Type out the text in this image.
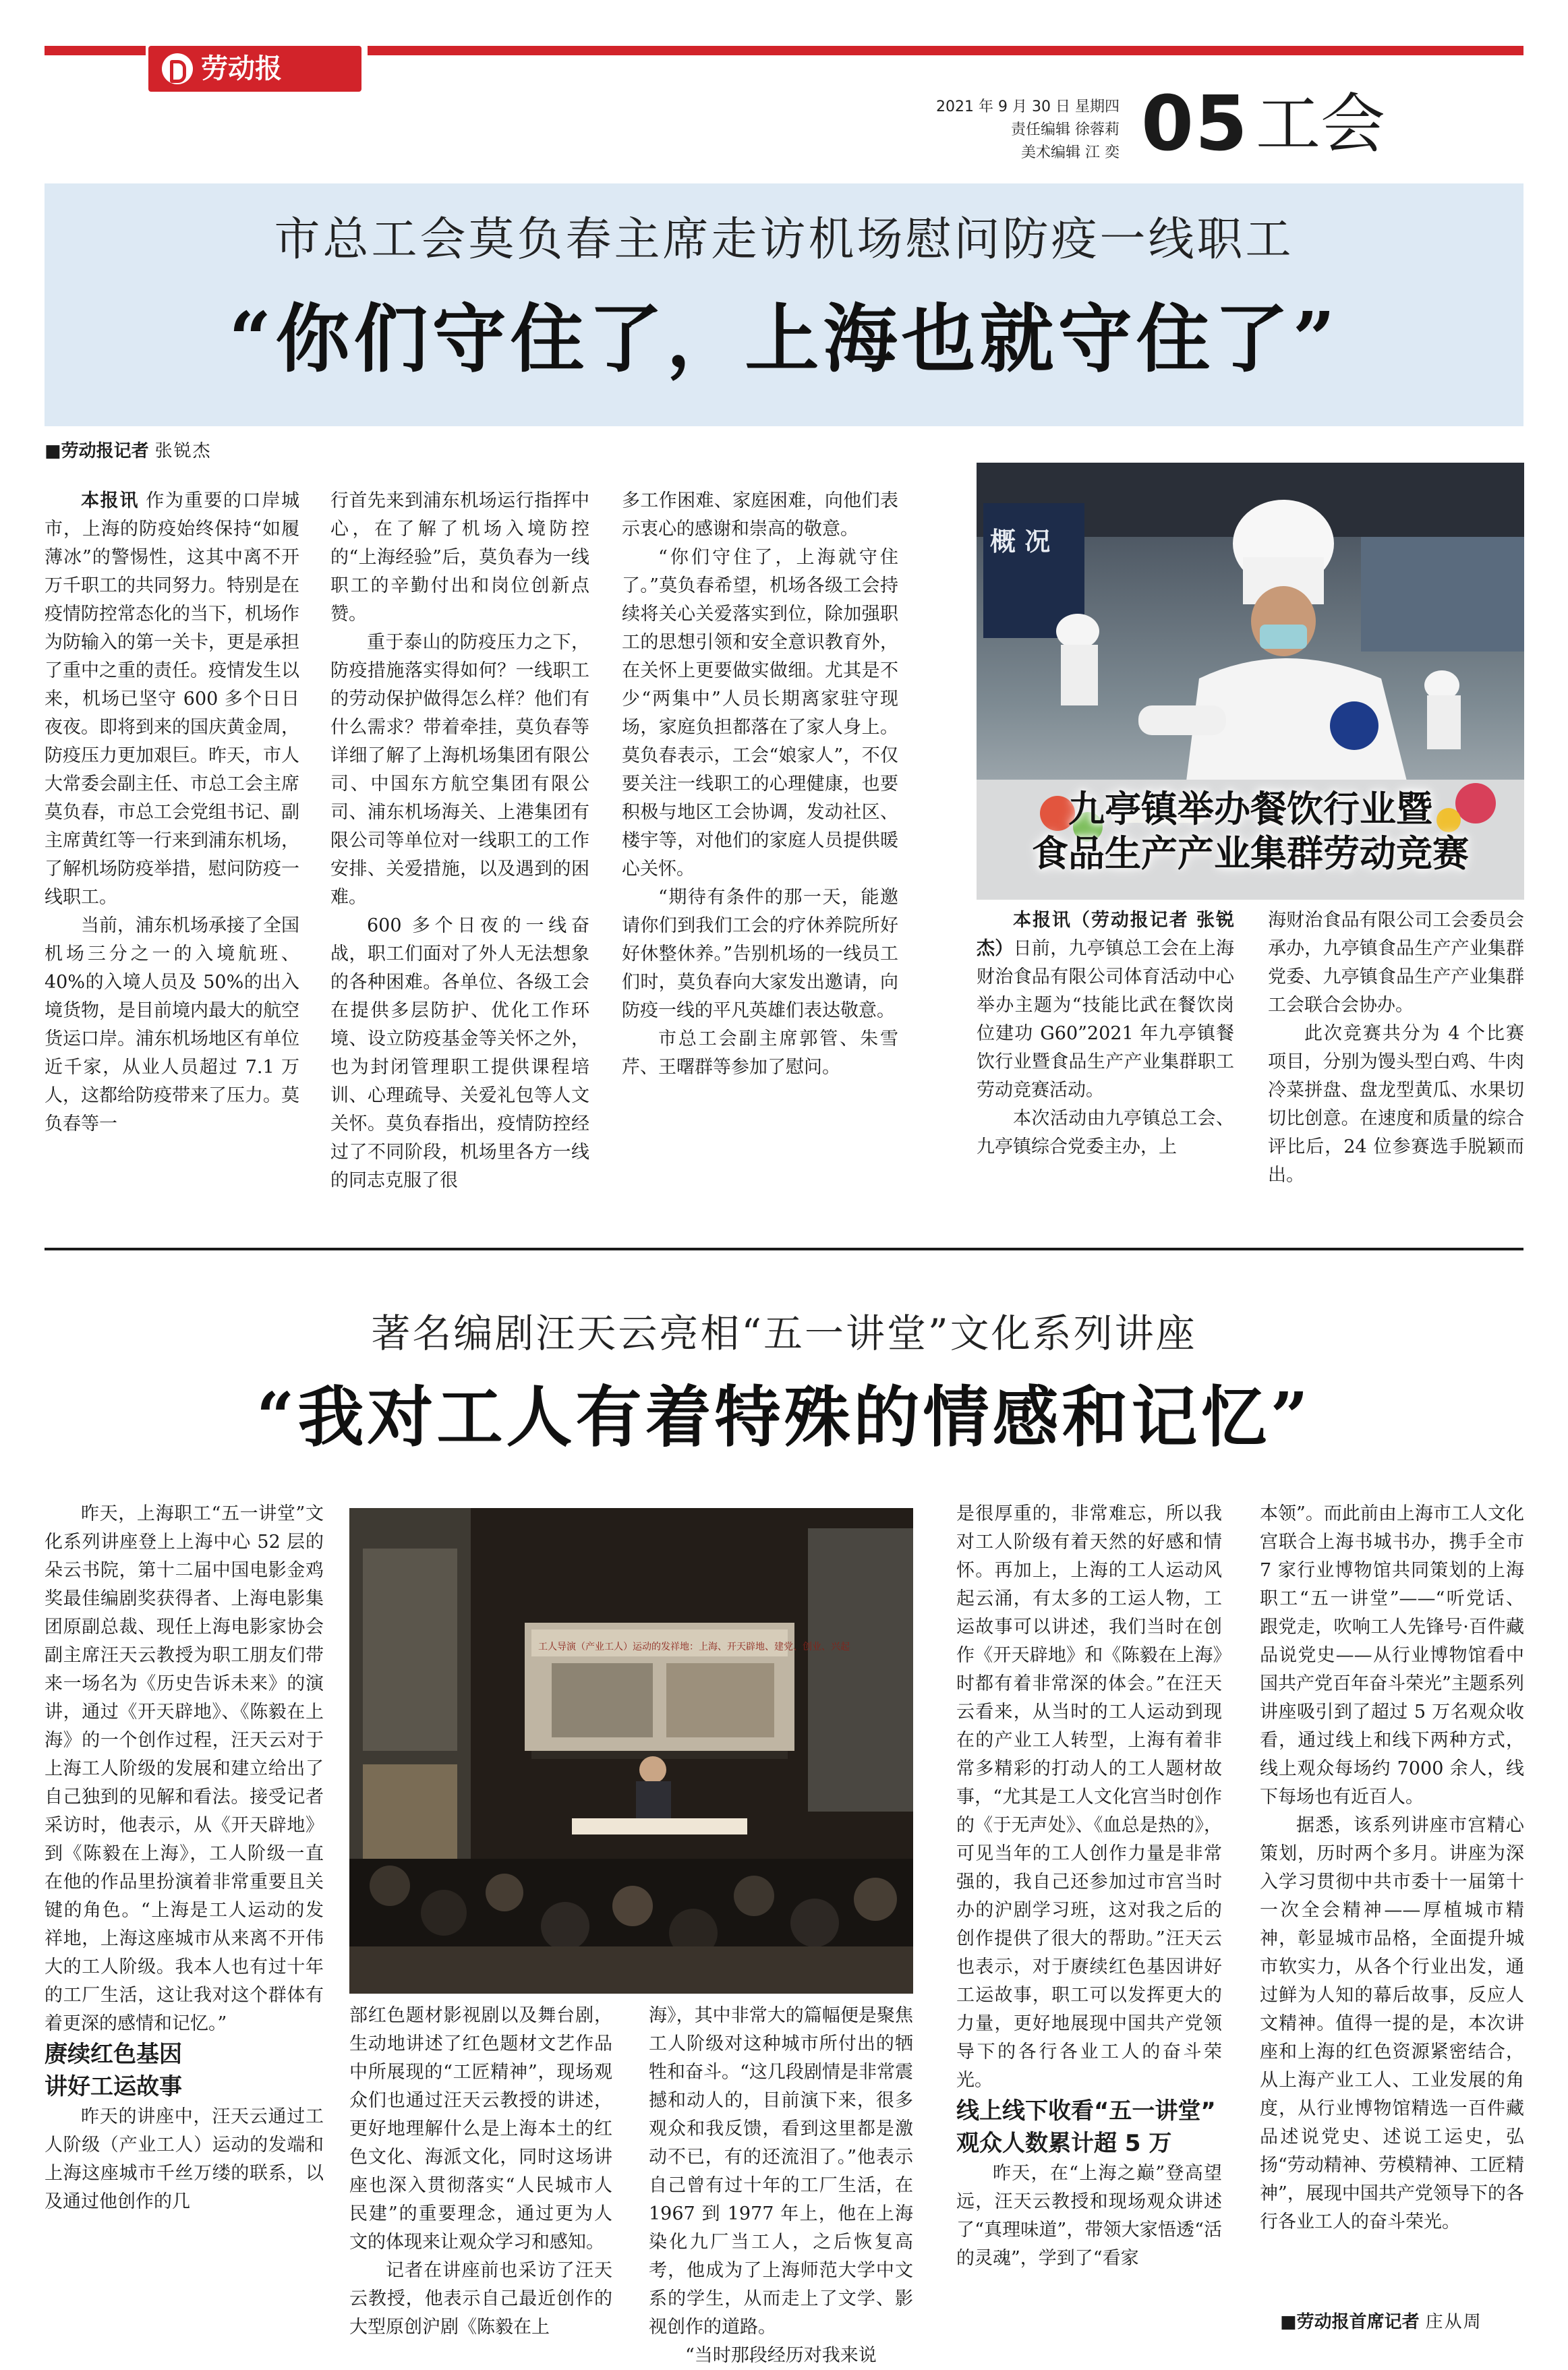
劳动报
2021 年 9 月 30 日 星期四
责任编辑 徐蓉莉
美术编辑 江 奕 05 工会
市总工会莫负春主席走访机场慰问防疫一线职工
“你们守住了，上海也就守住了”
■劳动报记者 张锐杰

本报讯 作为重要的口岸城市，上海的防疫始终保持“如履薄冰”的警惕性，这其中离不开万千职工的共同努力。特别是在疫情防控常态化的当下，机场作为防输入的第一关卡，更是承担了重中之重的责任。疫情发生以来，机场已坚守 600 多个日日夜夜。即将到来的国庆黄金周，防疫压力更加艰巨。昨天，市人大常委会副主任、市总工会主席莫负春，市总工会党组书记、副主席黄红等一行来到浦东机场，了解机场防疫举措，慰问防疫一线职工。

当前，浦东机场承接了全国机场三分之一的入境航班、40%的入境人员及 50%的出入境货物，是目前境内最大的航空货运口岸。浦东机场地区有单位近千家，从业人员超过 7.1 万人，这都给防疫带来了压力。莫负春等一

行首先来到浦东机场运行指挥中心，在了解了机场入境防控的“上海经验”后，莫负春为一线职工的辛勤付出和岗位创新点赞。

重于泰山的防疫压力之下，防疫措施落实得如何？一线职工的劳动保护做得怎么样？他们有什么需求？带着牵挂，莫负春等详细了解了上海机场集团有限公司、中国东方航空集团有限公司、浦东机场海关、上港集团有限公司等单位对一线职工的工作安排、关爱措施，以及遇到的困难。

600 多个日夜的一线奋战，职工们面对了外人无法想象的各种困难。各单位、各级工会在提供多层防护、优化工作环境、设立防疫基金等关怀之外，也为封闭管理职工提供课程培训、心理疏导、关爱礼包等人文关怀。莫负春指出，疫情防控经过了不同阶段，机场里各方一线的同志克服了很

多工作困难、家庭困难，向他们表示衷心的感谢和崇高的敬意。

“你们守住了，上海就守住了。”莫负春希望，机场各级工会持续将关心关爱落实到位，除加强职工的思想引领和安全意识教育外，在关怀上更要做实做细。尤其是不少“两集中”人员长期离家驻守现场，家庭负担都落在了家人身上。莫负春表示，工会“娘家人”，不仅要关注一线职工的心理健康，也要积极与地区工会协调，发动社区、楼宇等，对他们的家庭人员提供暖心关怀。

“期待有条件的那一天，能邀请你们到我们工会的疗休养院所好好休整休养。”告别机场的一线员工们时，莫负春向大家发出邀请，向防疫一线的平凡英雄们表达敬意。

市总工会副主席郭管、朱雪芹、王曙群等参加了慰问。

概 况
九亭镇举办餐饮行业暨
食品生产产业集群劳动竞赛

本报讯（劳动报记者 张锐杰）日前，九亭镇总工会在上海财治食品有限公司体育活动中心举办主题为“技能比武在餐饮岗位建功 G60”2021 年九亭镇餐饮行业暨食品生产产业集群职工劳动竞赛活动。

本次活动由九亭镇总工会、九亭镇综合党委主办，上

海财治食品有限公司工会委员会承办，九亭镇食品生产产业集群党委、九亭镇食品生产产业集群工会联合会协办。

此次竞赛共分为 4 个比赛项目，分别为馒头型白鸡、牛肉冷菜拼盘、盘龙型黄瓜、水果切切比创意。在速度和质量的综合评比后，24 位参赛选手脱颖而出。

著名编剧汪天云亮相“五一讲堂”文化系列讲座
“我对工人有着特殊的情感和记忆”
工人导演（产业工人）运动的发祥地：上海、开天辟地、建党、创业、兴起

昨天，上海职工“五一讲堂”文化系列讲座登上上海中心 52 层的朵云书院，第十二届中国电影金鸡奖最佳编剧奖获得者、上海电影集团原副总裁、现任上海电影家协会副主席汪天云教授为职工朋友们带来一场名为《历史告诉未来》的演讲，通过《开天辟地》、《陈毅在上海》的一个创作过程，汪天云对于上海工人阶级的发展和建立给出了自己独到的见解和看法。接受记者采访时，他表示，从《开天辟地》到《陈毅在上海》，工人阶级一直在他的作品里扮演着非常重要且关键的角色。“上海是工人运动的发祥地，上海这座城市从来离不开伟大的工人阶级。我本人也有过十年的工厂生活，这让我对这个群体有着更深的感情和记忆。”

赓续红色基因
讲好工运故事

昨天的讲座中，汪天云通过工人阶级（产业工人）运动的发端和上海这座城市千丝万缕的联系，以及通过他创作的几

部红色题材影视剧以及舞台剧，生动地讲述了红色题材文艺作品中所展现的“工匠精神”，现场观众们也通过汪天云教授的讲述，更好地理解什么是上海本土的红色文化、海派文化，同时这场讲座也深入贯彻落实“人民城市人民建”的重要理念，通过更为人文的体现来让观众学习和感知。

记者在讲座前也采访了汪天云教授，他表示自己最近创作的大型原创沪剧《陈毅在上

海》，其中非常大的篇幅便是聚焦工人阶级对这种城市所付出的牺牲和奋斗。“这几段剧情是非常震撼和动人的，目前演下来，很多观众和我反馈，看到这里都是激动不已，有的还流泪了。”他表示自己曾有过十年的工厂生活，在 1967 到 1977 年上，他在上海染化九厂当工人，之后恢复高考，他成为了上海师范大学中文系的学生，从而走上了文学、影视创作的道路。

“当时那段经历对我来说

是很厚重的，非常难忘，所以我对工人阶级有着天然的好感和情怀。再加上，上海的工人运动风起云涌，有太多的工运人物，工运故事可以讲述，我们当时在创作《开天辟地》和《陈毅在上海》时都有着非常深的体会。”在汪天云看来，从当时的工人运动到现在的产业工人转型，上海有着非常多精彩的打动人的工人题材故事，“尤其是工人文化宫当时创作的《于无声处》、《血总是热的》，可见当年的工人创作力量是非常强的，我自己还参加过市宫当时办的沪剧学习班，这对我之后的创作提供了很大的帮助。”汪天云也表示，对于赓续红色基因讲好工运故事，职工可以发挥更大的力量，更好地展现中国共产党领导下的各行各业工人的奋斗荣光。

线上线下收看“五一讲堂”
观众人数累计超 5 万

昨天，在“上海之巅”登高望远，汪天云教授和现场观众讲述了“真理味道”，带领大家悟透“活的灵魂”，学到了“看家

本领”。而此前由上海市工人文化宫联合上海书城书办，携手全市 7 家行业博物馆共同策划的上海职工“五一讲堂”——“听党话、跟党走，吹响工人先锋号·百件藏品说党史——从行业博物馆看中国共产党百年奋斗荣光”主题系列讲座吸引到了超过 5 万名观众收看，通过线上和线下两种方式，线上观众每场约 7000 余人，线下每场也有近百人。

据悉，该系列讲座市宫精心策划，历时两个多月。讲座为深入学习贯彻中共市委十一届第十一次全会精神——厚植城市精神，彰显城市品格，全面提升城市软实力，从各个行业出发，通过鲜为人知的幕后故事，反应人文精神。值得一提的是，本次讲座和上海的红色资源紧密结合，从上海产业工人、工业发展的角度，从行业博物馆精选一百件藏品述说党史、述说工运史，弘扬“劳动精神、劳模精神、工匠精神”，展现中国共产党领导下的各行各业工人的奋斗荣光。

■劳动报首席记者 庄从周
